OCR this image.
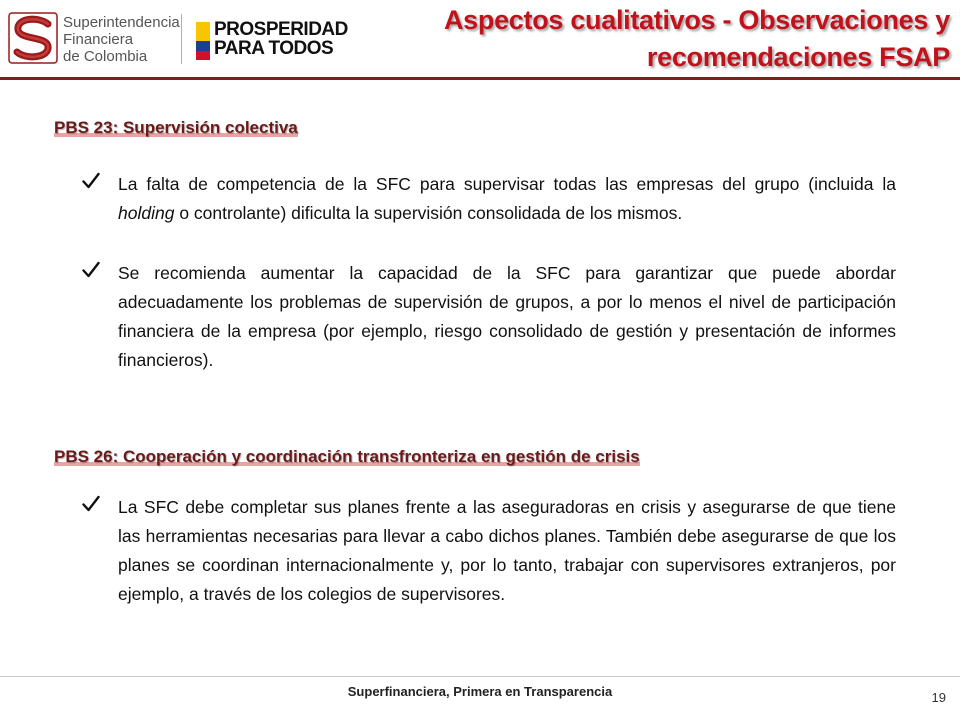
Superintendencia
Financiera
de Colombia
PROSPERIDAD
PARA TODOS
Aspectos cualitativos - Observaciones y
recomendaciones FSAP
PBS 23: Supervisión colectiva
La falta de competencia de la SFC para supervisar todas las empresas del grupo (incluida la holding o controlante) dificulta la supervisión consolidada de los mismos.
Se recomienda aumentar la capacidad de la SFC para garantizar que puede abordar adecuadamente los problemas de supervisión de grupos, a por lo menos el nivel de participación financiera de la empresa (por ejemplo, riesgo consolidado de gestión y presentación de informes financieros).
PBS 26: Cooperación y coordinación transfronteriza en gestión de crisis
La SFC debe completar sus planes frente a las aseguradoras en crisis y asegurarse de que tiene las herramientas necesarias para llevar a cabo dichos planes. También debe asegurarse de que los planes se coordinan internacionalmente y, por lo tanto, trabajar con supervisores extranjeros, por ejemplo, a través de los colegios de supervisores.
Superfinanciera, Primera en Transparencia	19
